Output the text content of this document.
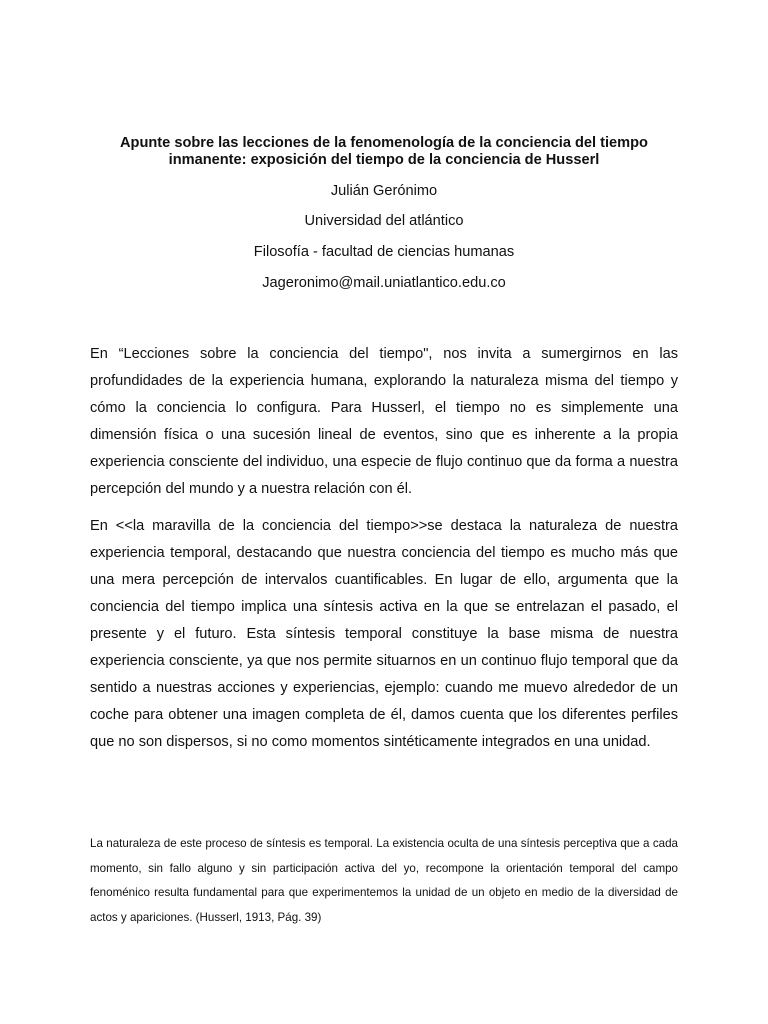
Apunte sobre las lecciones de la fenomenología de la conciencia del tiempo inmanente: exposición del tiempo de la conciencia de Husserl

Julián Gerónimo

Universidad del atlántico

Filosofía - facultad de ciencias humanas

Jageronimo@mail.uniatlantico.edu.co

En “Lecciones sobre la conciencia del tiempo", nos invita a sumergirnos en las profundidades de la experiencia humana, explorando la naturaleza misma del tiempo y cómo la conciencia lo configura. Para Husserl, el tiempo no es simplemente una dimensión física o una sucesión lineal de eventos, sino que es inherente a la propia experiencia consciente del individuo, una especie de flujo continuo que da forma a nuestra percepción del mundo y a nuestra relación con él.

En <<la maravilla de la conciencia del tiempo>>se destaca la naturaleza de nuestra experiencia temporal, destacando que nuestra conciencia del tiempo es mucho más que una mera percepción de intervalos cuantificables. En lugar de ello, argumenta que la conciencia del tiempo implica una síntesis activa en la que se entrelazan el pasado, el presente y el futuro. Esta síntesis temporal constituye la base misma de nuestra experiencia consciente, ya que nos permite situarnos en un continuo flujo temporal que da sentido a nuestras acciones y experiencias, ejemplo: cuando me muevo alrededor de un coche para obtener una imagen completa de él, damos cuenta que los diferentes perfiles que no son dispersos, si no como momentos sintéticamente integrados en una unidad.

La naturaleza de este proceso de síntesis es temporal. La existencia oculta de una síntesis perceptiva que a cada momento, sin fallo alguno y sin participación activa del yo, recompone la orientación temporal del campo fenoménico resulta fundamental para que experimentemos la unidad de un objeto en medio de la diversidad de actos y apariciones. (Husserl, 1913, Pág. 39)
